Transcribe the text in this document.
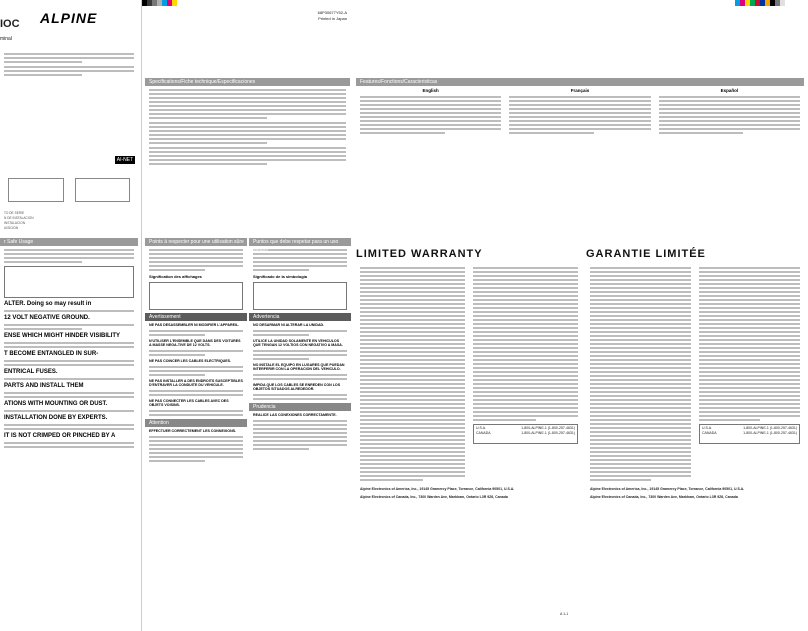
IOC ALPINE
minal
AI-NET
TO DE SERIE
N DE INSTALACION
INSTALACION
UISICION
r Safe Usage
ALTER. Doing so may result in
12 VOLT NEGATIVE GROUND.
ENSE WHICH MIGHT HINDER VISIBILITY
T BECOME ENTANGLED IN SUR-
ENTRICAL FUSES.
PARTS AND INSTALL THEM
ATIONS WITH MOUNTING OR DUST.
INSTALLATION DONE BY EXPERTS.
IT IS NOT CRIMPED OR PINCHED BY A
68P30677Y52-A
Printed in Japan
Specifications/Fiche technique/Especificaciones
Points à respecter pour une utilisation sûre
Signification des affichages
Avertissement
NE PAS DESASSEMBLER NI MODIFIER L'APPAREIL.
N'UTILISER L'ENSEMBLE QUE DANS DES VOITURES A MASSE NEGA-TIVE DE 12 VOLTS.
NE PAS COINCER LES CABLES ELECTRIQUES.
NE PAS INSTALLER A DES ENDROITS SUSCEPTIBLES D'ENTRAVER LA CONDUITE DU VEHICULE.
NE PAS CONNECTER LES CABLES AVEC DES OBJETS VOISINS.
Attention
EFFECTUER CORRECTEMENT LES CONNEXIONS.
Puntos que debe respetar para un uso seguro
Significado de la simbología
Advertencia
NO DESARMAR NI ALTERAR LA UNIDAD.
UTILICE LA UNIDAD SOLAMENTE EN VEHICULOS QUE TENGAN 12 VOLTIOS CON NEGATIVO A MASA.
NO INSTALE EL EQUIPO EN LUGARES QUE PUEDAN INTERFERIR CON LA OPERACION DEL VEHICULO.
IMPIDA QUE LOS CABLES SE ENREDEN CON LOS OBJETOS SITUADOS ALREDEDOR.
Prudencia
REALICE LAS CONEXIONES CORRECTAMENTE.
Features/Fonctions/Caracteristicas
English	Français	Español
LIMITED WARRANTY
U.S.A.	1-800-ALPINE-1 (1-800-257-4631)
CANADA	1-800-ALPINE-1 (1-800-257-4631)
Alpine Electronics of America, Inc., 19145 Gramercy Place, Torrance, California 90501, U.S.A.
Alpine Electronics of Canada, Inc., 7300 Warden Ave, Markham, Ontario L3R 9Z6, Canada
GARANTIE LIMITÉE
U.S.A.	1-800-ALPINE-1 (1-800-257-4631)
CANADA	1-800-ALPINE-1 (1-800-257-4631)
Alpine Electronics of America, Inc., 19145 Gramercy Place, Torrance, California 90501, U.S.A.
Alpine Electronics of Canada, Inc., 7300 Warden Ave, Markham, Ontario L3R 9Z6, Canada
A 1-1
